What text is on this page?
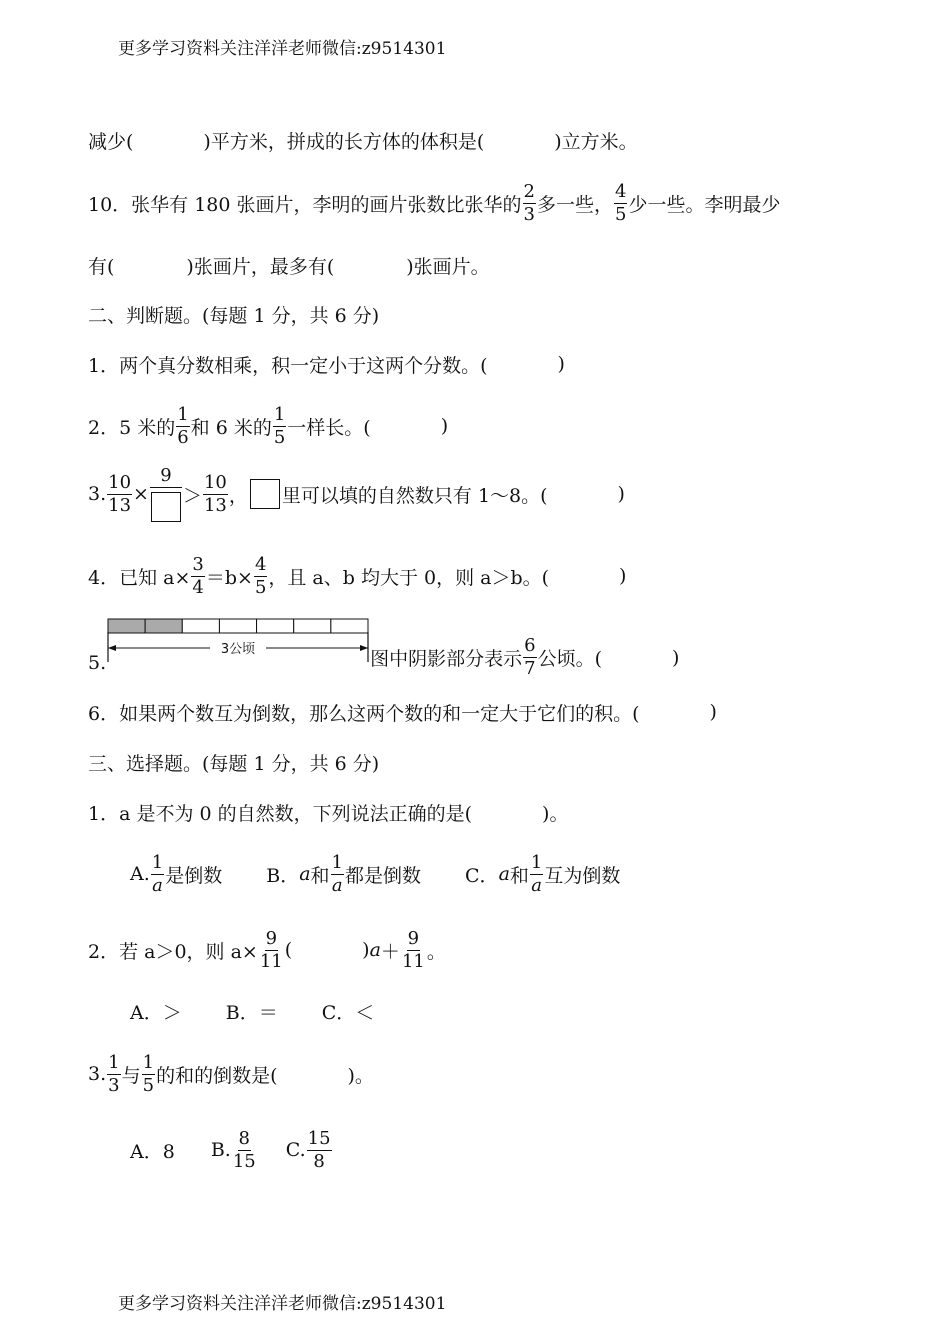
更多学习资料关注洋洋老师微信:z9514301
减少(	)平方米，拼成的长方体的体积是(	)立方米。
10．张华有 180 张画片，李明的画片张数比张华的 $\frac{2}{3}$ 多一些， $\frac{4}{5}$ 少一些。李明最少
有(	)张画片，最多有(	)张画片。
二、判断题。(每题 1 分，共 6 分)
1．两个真分数相乘，积一定小于这两个分数。(	)
2．5 米的 $\frac{1}{6}$ 和 6 米的 $\frac{1}{5}$ 一样长。(	)
3. $\frac{10}{13}$ ×
9
＞ $\frac{10}{13}$ ， 里可以填的自然数只有 1～8。(	)
4．已知 $a\times \frac{3}{4} =b\times \frac{4}{5}$ ，且 a、b 均大于 0，则 a＞b。(	)
5.
3公顷	图中阴影部分表示 $\frac{6}{7}$ 公顷。(	)
6．如果两个数互为倒数，那么这两个数的和一定大于它们的积。(	)
三、选择题。(每题 1 分，共 6 分)
1．a 是不为 0 的自然数，下列说法正确的是(	)。
A. $\frac{1}{a}$ 是倒数 B． a 和 $\frac{1}{a}$ 都是倒数 C． a 和 $\frac{1}{a}$ 互为倒数
2．若 a＞0，则 $a\times \frac{9}{11}$ (	) $a + \frac{9}{11}$ 。
A．＞ B．＝ C．＜
3. $\frac{1}{3}$ 与 $\frac{1}{5}$ 的和的倒数是(	)。
A．8 B. $\frac{8}{15} C$. $\frac{15}{8}$
更多学习资料关注洋洋老师微信:z9514301
